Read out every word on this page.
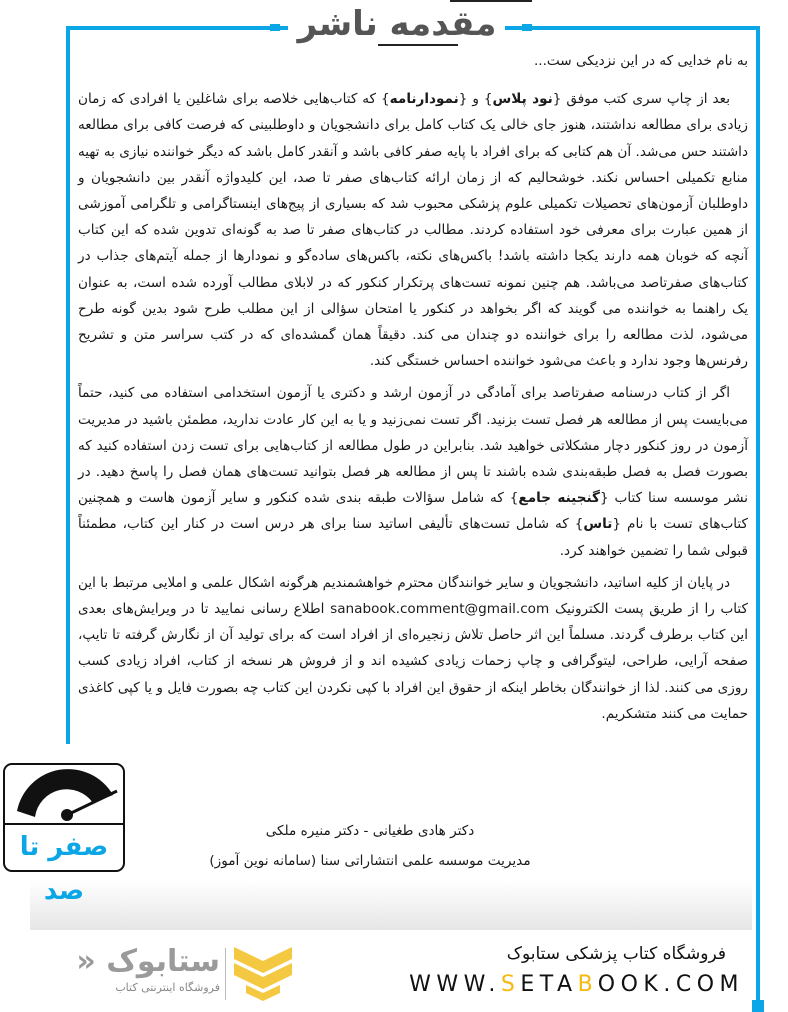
مقدمه ناشر

به نام خدایی که در این نزدیکی ست...

بعد از چاپ سری کتب موفق {نود پلاس} و {نمودارنامه} که کتاب‌هایی خلاصه برای شاغلین یا افرادی که زمان زیادی برای مطالعه نداشتند، هنوز جای خالی یک کتاب کامل برای دانشجویان و داوطلبینی که فرصت کافی برای مطالعه داشتند حس می‌شد. آن هم کتابی که برای افراد با پایه صفر کافی باشد و آنقدر کامل باشد که دیگر خواننده نیازی به تهیه منابع تکمیلی احساس نکند. خوشحالیم که از زمان ارائه کتاب‌های صفر تا صد، این کلیدواژه آنقدر بین دانشجویان و داوطلبان آزمون‌های تحصیلات تکمیلی علوم پزشکی محبوب شد که بسیاری از پیج‌های اینستاگرامی و تلگرامی آموزشی از همین عبارت برای معرفی خود استفاده کردند. مطالب در کتاب‌های صفر تا صد به گونه‌ای تدوین شده که این کتاب آنچه که خوبان همه دارند یکجا داشته باشد! باکس‌های نکته، باکس‌های ساده‌گو و نمودارها از جمله آیتم‌های جذاب در کتاب‌های صفرتاصد می‌باشد. هم چنین نمونه تست‌های پرتکرار کنکور که در لابلای مطالب آورده شده است، به عنوان یک راهنما به خواننده می گویند که اگر بخواهد در کنکور یا امتحان سؤالی از این مطلب طرح شود بدین گونه طرح می‌شود، لذت مطالعه را برای خواننده دو چندان می کند. دقیقاً همان گمشده‌ای که در کتب سراسر متن و تشریح رفرنس‌ها وجود ندارد و باعث می‌شود خواننده احساس خستگی کند.

اگر از کتاب درسنامه صفرتاصد برای آمادگی در آزمون ارشد و دکتری یا آزمون استخدامی استفاده می کنید، حتماً می‌بایست پس از مطالعه هر فصل تست بزنید. اگر تست نمی‌زنید و یا به این کار عادت ندارید، مطمئن باشید در مدیریت آزمون در روز کنکور دچار مشکلاتی خواهید شد. بنابراین در طول مطالعه از کتاب‌هایی برای تست زدن استفاده کنید که بصورت فصل به فصل طبقه‌بندی شده باشند تا پس از مطالعه هر فصل بتوانید تست‌های همان فصل را پاسخ دهید. در نشر موسسه سنا کتاب {گنجینه جامع} که شامل سؤالات طبقه بندی شده کنکور و سایر آزمون هاست و همچنین کتاب‌های تست با نام {تاس} که شامل تست‌های تألیفی اساتید سنا برای هر درس است در کنار این کتاب، مطمئناً قبولی شما را تضمین خواهند کرد.

در پایان از کلیه اساتید، دانشجویان و سایر خوانندگان محترم خواهشمندیم هرگونه اشکال علمی و املایی مرتبط با این کتاب را از طریق پست الکترونیک sanabook.comment@gmail.com اطلاع رسانی نمایید تا در ویرایش‌های بعدی این کتاب برطرف گردند. مسلماً این اثر حاصل تلاش زنجیره‌ای از افراد است که برای تولید آن از نگارش گرفته تا تایپ، صفحه آرایی، طراحی، لیتوگرافی و چاپ زحمات زیادی کشیده اند و از فروش هر نسخه از کتاب، افراد زیادی کسب روزی می کنند. لذا از خوانندگان بخاطر اینکه از حقوق این افراد با کپی نکردن این کتاب چه بصورت فایل و یا کپی کاغذی حمایت می کنند متشکریم.

دکتر هادی طغیانی - دکتر منیره ملکی
مدیریت موسسه علمی انتشاراتی سنا (سامانه نوین آموز)
صفر تا صد
فروشگاه کتاب پزشکی ستابوک
WWW.SETABOOK.COM
ستابوک «
فروشگاه اینترنتی کتاب
